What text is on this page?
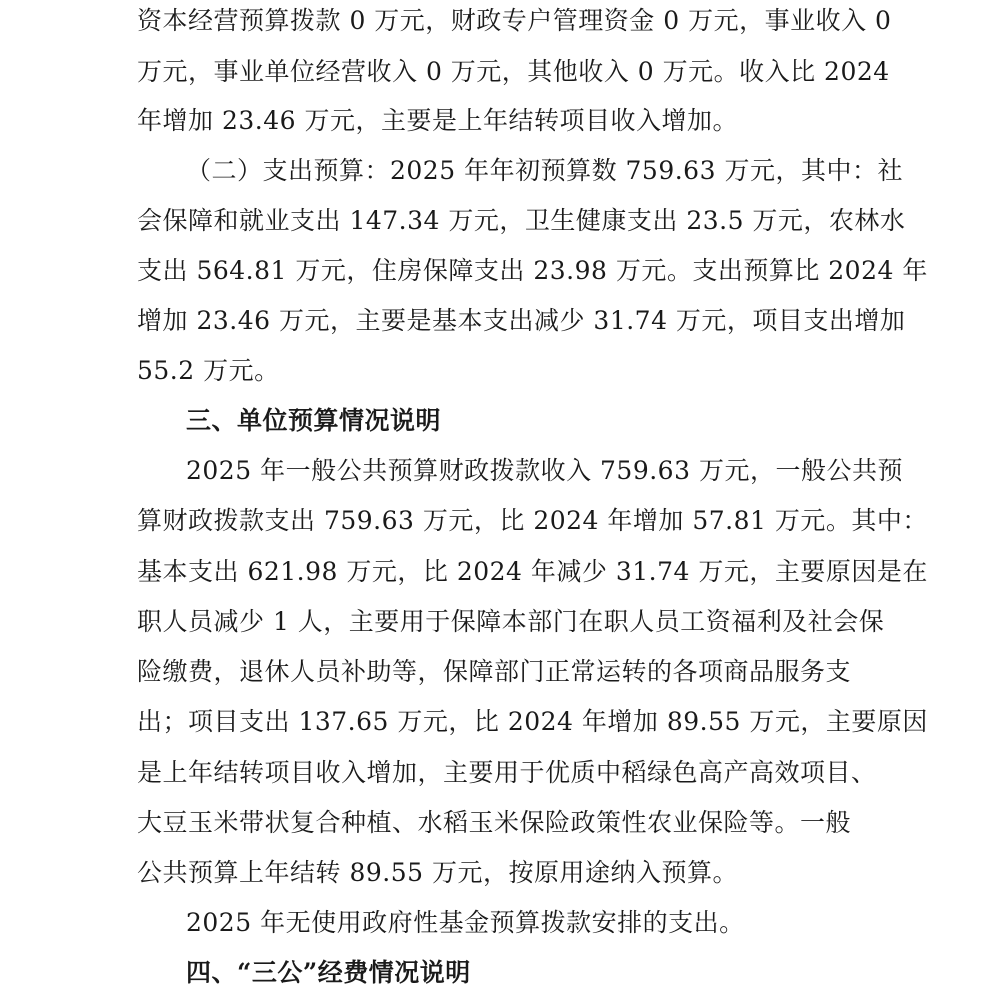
资本经营预算拨款 0 万元，财政专户管理资金 0 万元，事业收入 0
万元，事业单位经营收入 0 万元，其他收入 0 万元。收入比 2024
年增加 23.46 万元，主要是上年结转项目收入增加。
（二）支出预算：2025 年年初预算数 759.63 万元，其中：社
会保障和就业支出 147.34 万元，卫生健康支出 23.5 万元，农林水
支出 564.81 万元，住房保障支出 23.98 万元。支出预算比 2024 年
增加 23.46 万元，主要是基本支出减少 31.74 万元，项目支出增加
55.2 万元。
三、单位预算情况说明
2025 年一般公共预算财政拨款收入 759.63 万元，一般公共预
算财政拨款支出 759.63 万元，比 2024 年增加 57.81 万元。其中：
基本支出 621.98 万元，比 2024 年减少 31.74 万元，主要原因是在
职人员减少 1 人，主要用于保障本部门在职人员工资福利及社会保
险缴费，退休人员补助等，保障部门正常运转的各项商品服务支
出；项目支出 137.65 万元，比 2024 年增加 89.55 万元，主要原因
是上年结转项目收入增加，主要用于优质中稻绿色高产高效项目、
大豆玉米带状复合种植、水稻玉米保险政策性农业保险等。一般
公共预算上年结转 89.55 万元，按原用途纳入预算。
2025 年无使用政府性基金预算拨款安排的支出。
四、“三公”经费情况说明
